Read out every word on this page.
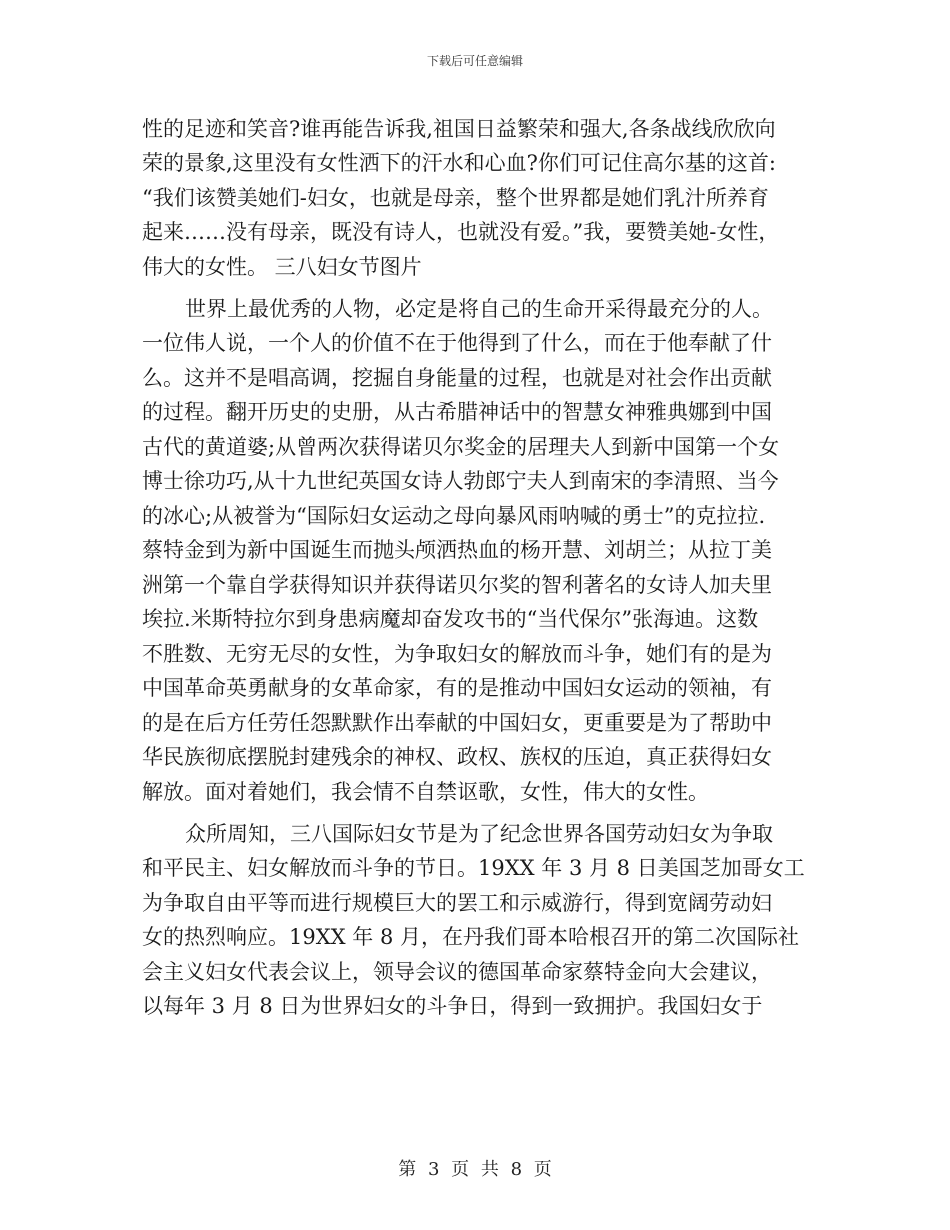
下载后可任意编辑
性的足迹和笑音?谁再能告诉我,祖国日益繁荣和强大,各条战线欣欣向
荣的景象,这里没有女性洒下的汗水和心血?你们可记住高尔基的这首:
“我们该赞美她们-妇女，也就是母亲，整个世界都是她们乳汁所养育
起来……没有母亲，既没有诗人，也就没有爱。”我，要赞美她-女性，
伟大的女性。 三八妇女节图片
世界上最优秀的人物，必定是将自己的生命开采得最充分的人。
一位伟人说，一个人的价值不在于他得到了什么，而在于他奉献了什
么。这并不是唱高调，挖掘自身能量的过程，也就是对社会作出贡献
的过程。翻开历史的史册，从古希腊神话中的智慧女神雅典娜到中国
古代的黄道婆;从曾两次获得诺贝尔奖金的居理夫人到新中国第一个女
博士徐功巧,从十九世纪英国女诗人勃郎宁夫人到南宋的李清照、当今
的冰心;从被誉为“国际妇女运动之母向暴风雨呐喊的勇士”的克拉拉.
蔡特金到为新中国诞生而抛头颅洒热血的杨开慧、刘胡兰；从拉丁美
洲第一个靠自学获得知识并获得诺贝尔奖的智利著名的女诗人加夫里
埃拉.米斯特拉尔到身患病魔却奋发攻书的“当代保尔”张海迪。这数
不胜数、无穷无尽的女性，为争取妇女的解放而斗争，她们有的是为
中国革命英勇献身的女革命家，有的是推动中国妇女运动的领袖，有
的是在后方任劳任怨默默作出奉献的中国妇女，更重要是为了帮助中
华民族彻底摆脱封建残余的神权、政权、族权的压迫，真正获得妇女
解放。面对着她们，我会情不自禁讴歌，女性，伟大的女性。
众所周知，三八国际妇女节是为了纪念世界各国劳动妇女为争取
和平民主、妇女解放而斗争的节日。19XX 年 3 月 8 日美国芝加哥女工
为争取自由平等而进行规模巨大的罢工和示威游行，得到宽阔劳动妇
女的热烈响应。19XX 年 8 月，在丹我们哥本哈根召开的第二次国际社
会主义妇女代表会议上，领导会议的德国革命家蔡特金向大会建议，
以每年 3 月 8 日为世界妇女的斗争日，得到一致拥护。我国妇女于
第 3 页 共 8 页
